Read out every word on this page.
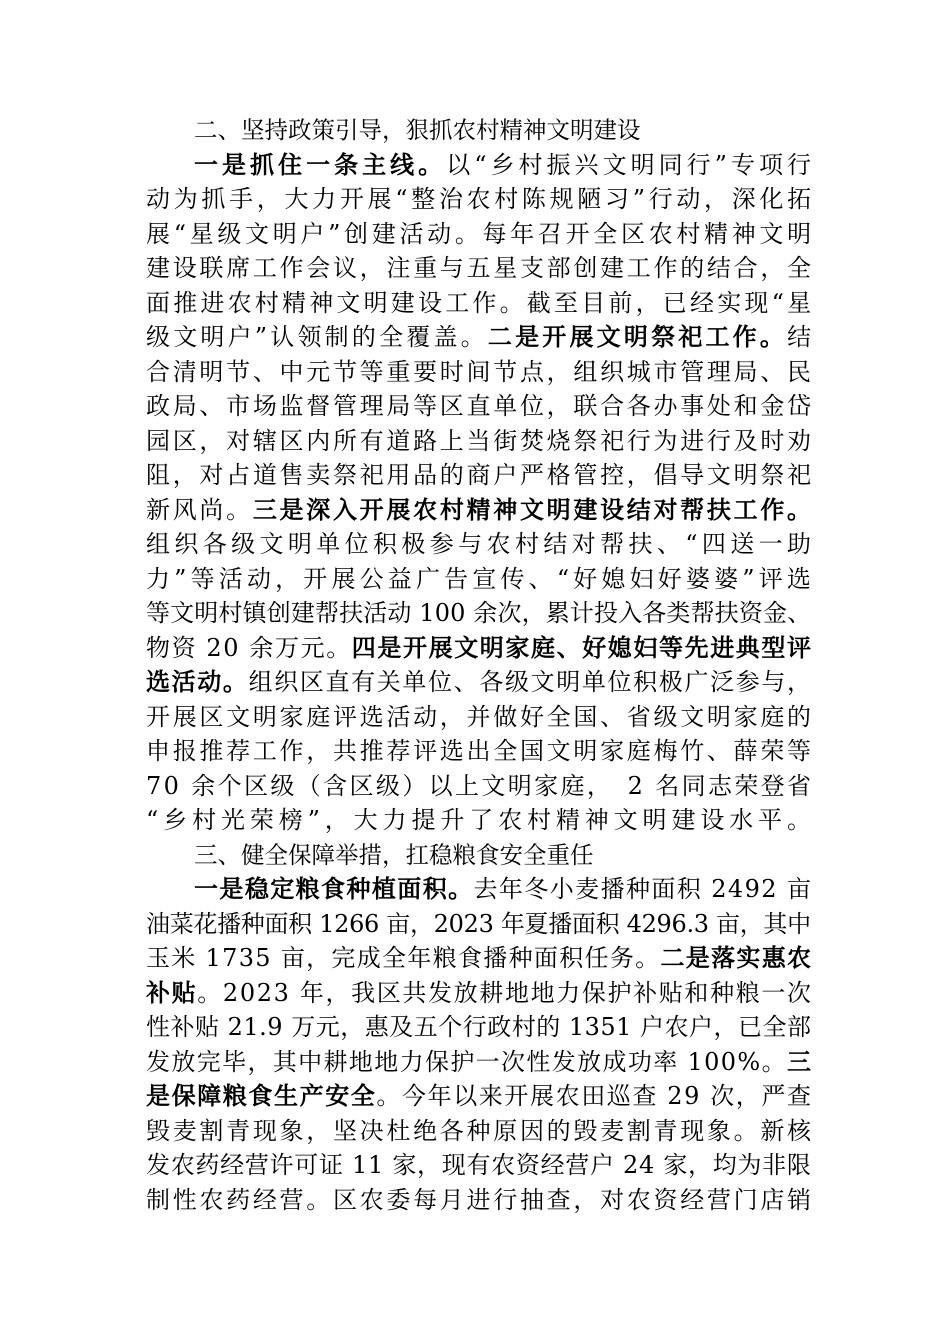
二、坚持政策引导，狠抓农村精神文明建设
一是抓住一条主线。以“乡村振兴文明同行”专项行
动为抓手，大力开展“整治农村陈规陋习”行动，深化拓
展“星级文明户”创建活动。每年召开全区农村精神文明
建设联席工作会议，注重与五星支部创建工作的结合，全
面推进农村精神文明建设工作。截至目前，已经实现“星
级文明户”认领制的全覆盖。二是开展文明祭祀工作。结
合清明节、中元节等重要时间节点，组织城市管理局、民
政局、市场监督管理局等区直单位，联合各办事处和金岱
园区，对辖区内所有道路上当街焚烧祭祀行为进行及时劝
阻，对占道售卖祭祀用品的商户严格管控，倡导文明祭祀
新风尚。三是深入开展农村精神文明建设结对帮扶工作。
组织各级文明单位积极参与农村结对帮扶、“四送一助
力”等活动，开展公益广告宣传、“好媳妇好婆婆”评选
等文明村镇创建帮扶活动 100 余次，累计投入各类帮扶资金、
物资 20 余万元。四是开展文明家庭、好媳妇等先进典型评
选活动。组织区直有关单位、各级文明单位积极广泛参与，
开展区文明家庭评选活动，并做好全国、省级文明家庭的
申报推荐工作，共推荐评选出全国文明家庭梅竹、薛荣等
70 余个区级（含区级）以上文明家庭，　2 名同志荣登省
“乡村光荣榜”，大力提升了农村精神文明建设水平。
三、健全保障举措，扛稳粮食安全重任
一是稳定粮食种植面积。去年冬小麦播种面积 2492 亩
油菜花播种面积 1266 亩，2023 年夏播面积 4296.3 亩，其中
玉米 1735 亩，完成全年粮食播种面积任务。二是落实惠农
补贴。2023 年，我区共发放耕地地力保护补贴和种粮一次
性补贴 21.9 万元，惠及五个行政村的 1351 户农户，已全部
发放完毕，其中耕地地力保护一次性发放成功率 100%。三
是保障粮食生产安全。今年以来开展农田巡查 29 次，严查
毁麦割青现象，坚决杜绝各种原因的毁麦割青现象。新核
发农药经营许可证 11 家，现有农资经营户 24 家，均为非限
制性农药经营。区农委每月进行抽查，对农资经营门店销
